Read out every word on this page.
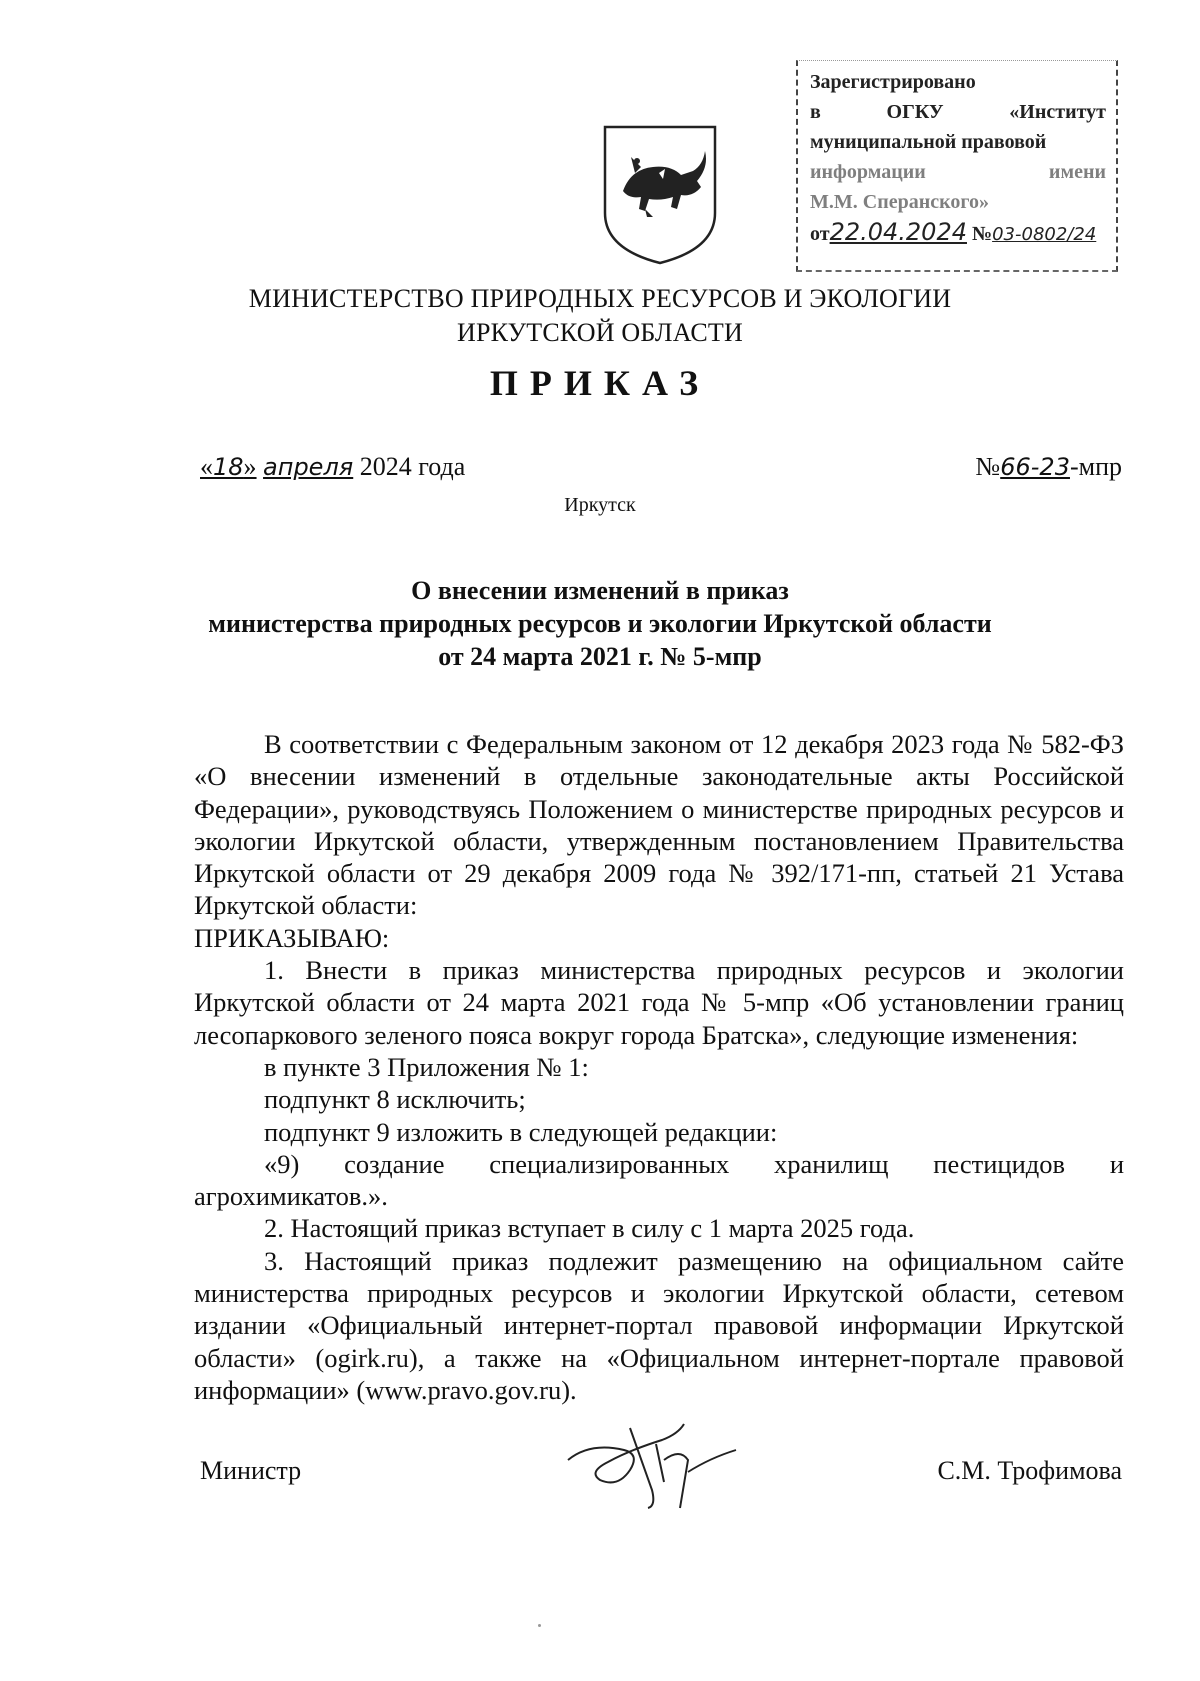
Зарегистрировано
в	ОГКУ	«Институт
муниципальной правовой
информации	имени
М.М. Сперанского»
от22.04.2024 №03-0802/24
МИНИСТЕРСТВО ПРИРОДНЫХ РЕСУРСОВ И ЭКОЛОГИИ
ИРКУТСКОЙ ОБЛАСТИ
ПРИКАЗ
«18» апреля 2024 года	№66-23-мпр
Иркутск
О внесении изменений в приказ
министерства природных ресурсов и экологии Иркутской области
от 24 марта 2021 г. № 5-мпр

В соответствии с Федеральным законом от 12 декабря 2023 года № 582-ФЗ «О внесении изменений в отдельные законодательные акты Российской Федерации», руководствуясь Положением о министерстве природных ресурсов и экологии Иркутской области, утвержденным постановлением Правительства Иркутской области от 29 декабря 2009 года № 392/171-пп, статьей 21 Устава Иркутской области:

ПРИКАЗЫВАЮ:

1. Внести в приказ министерства природных ресурсов и экологии Иркутской области от 24 марта 2021 года № 5-мпр «Об установлении границ лесопаркового зеленого пояса вокруг города Братска», следующие изменения:

в пункте 3 Приложения № 1:

подпункт 8 исключить;

подпункт 9 изложить в следующей редакции:

«9) создание специализированных хранилищ пестицидов и агрохимикатов.».

2. Настоящий приказ вступает в силу с 1 марта 2025 года.

3. Настоящий приказ подлежит размещению на официальном сайте министерства природных ресурсов и экологии Иркутской области, сетевом издании «Официальный интернет-портал правовой информации Иркутской области» (ogirk.ru), а также на «Официальном интернет-портале правовой информации» (www.pravo.gov.ru).

Министр	С.М. Трофимова
